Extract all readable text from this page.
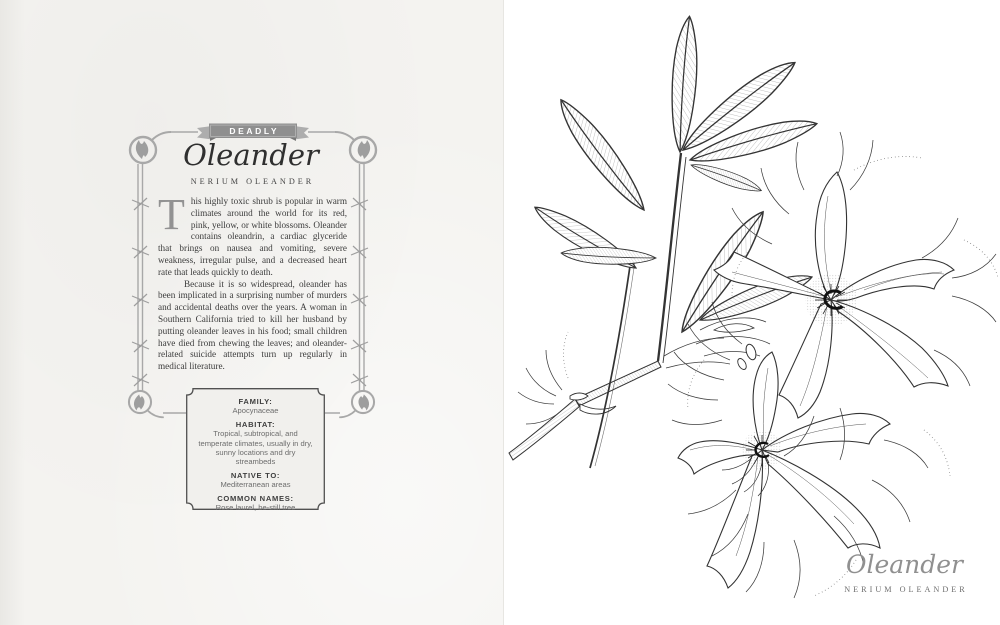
DEADLY
Oleander
NERIUM OLEANDER
This highly toxic shrub is popular in warm climates around the world for its red, pink, yellow, or white blossoms. Oleander contains oleandrin, a cardiac glyceride that brings on nausea and vomiting, severe weakness, irregular pulse, and a decreased heart rate that leads quickly to death.

Because it is so widespread, oleander has been implicated in a surprising number of murders and accidental deaths over the years. A woman in Southern California tried to kill her husband by putting oleander leaves in his food; small children have died from chewing the leaves; and oleander-related suicide attempts turn up regularly in medical literature.

FAMILY:
Apocynaceae
HABITAT:
Tropical, subtropical, and temperate climates, usually in dry, sunny locations and dry streambeds
NATIVE TO:
Mediterranean areas
COMMON NAMES:
Rose laurel, be-still tree
Oleander
NERIUM OLEANDER
